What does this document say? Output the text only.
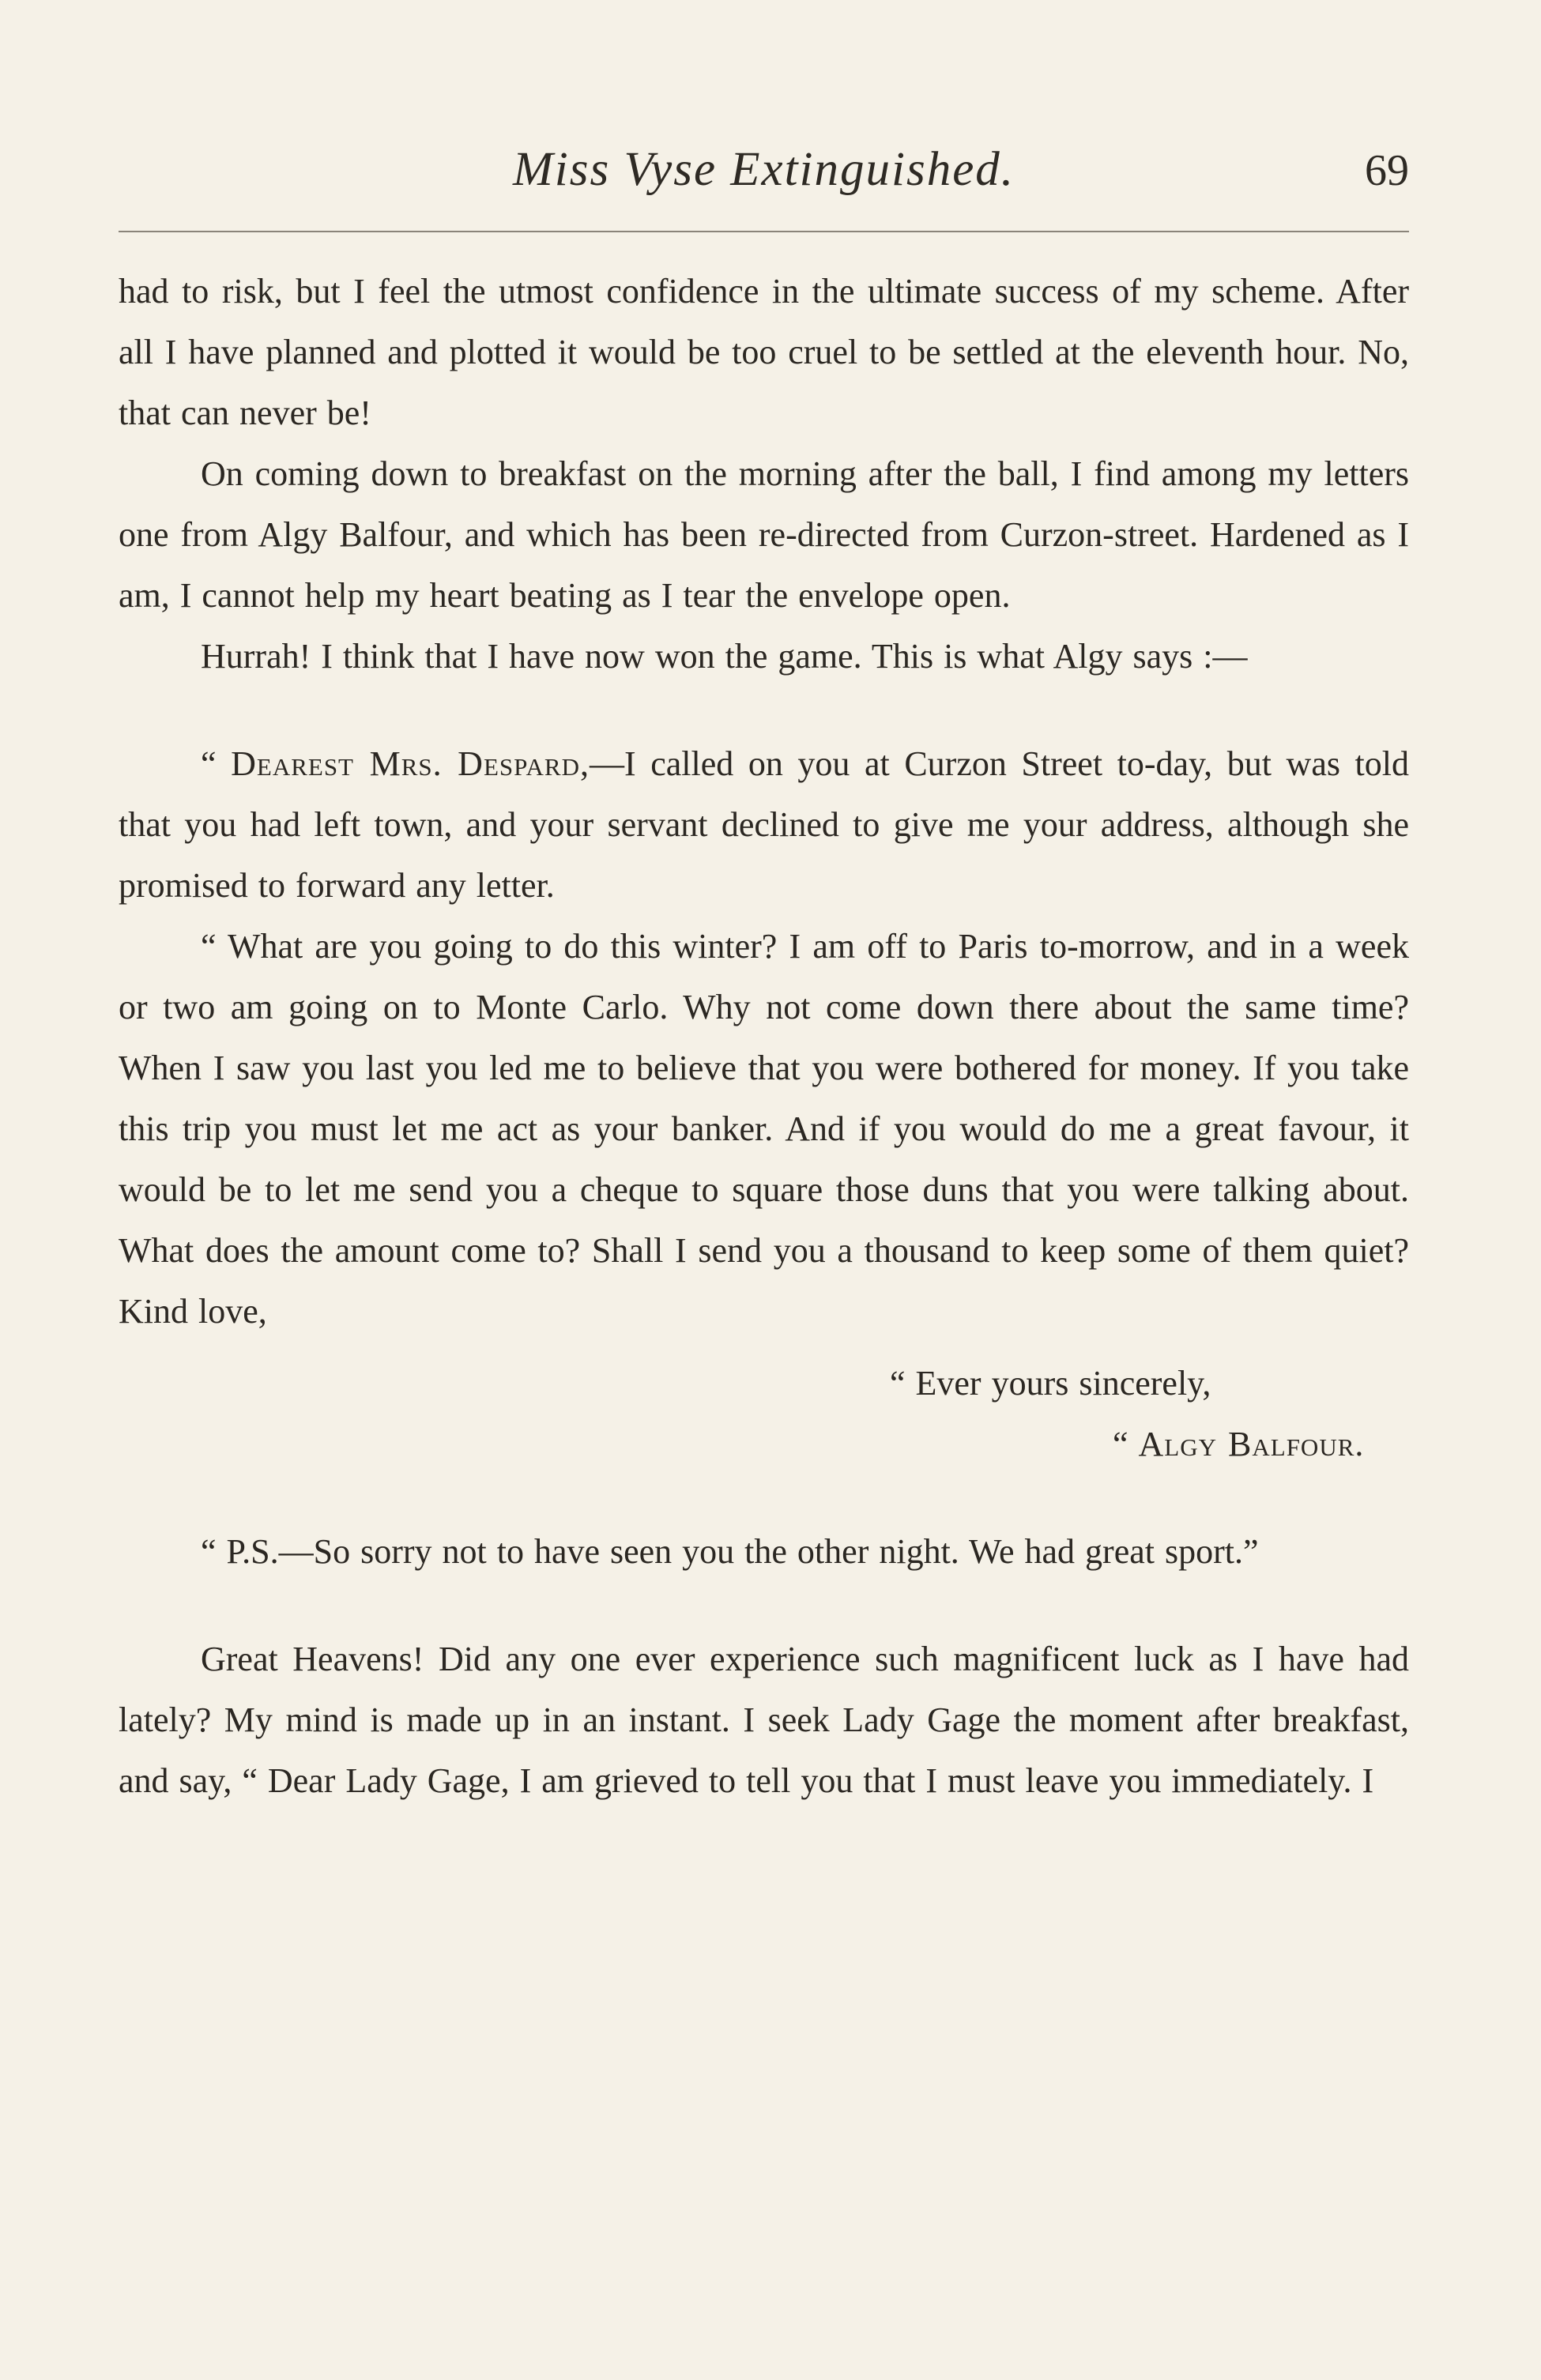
Miss Vyse Extinguished.	69

had to risk, but I feel the utmost confidence in the ultimate success of my scheme. After all I have planned and plotted it would be too cruel to be settled at the eleventh hour. No, that can never be!

On coming down to breakfast on the morning after the ball, I find among my letters one from Algy Balfour, and which has been re-directed from Curzon-street. Hardened as I am, I cannot help my heart beating as I tear the envelope open.

Hurrah! I think that I have now won the game. This is what Algy says :—

“ Dearest Mrs. Despard,—I called on you at Curzon Street to-day, but was told that you had left town, and your servant declined to give me your address, although she promised to forward any letter.

“ What are you going to do this winter? I am off to Paris to-morrow, and in a week or two am going on to Monte Carlo. Why not come down there about the same time? When I saw you last you led me to believe that you were bothered for money. If you take this trip you must let me act as your banker. And if you would do me a great favour, it would be to let me send you a cheque to square those duns that you were talking about. What does the amount come to? Shall I send you a thousand to keep some of them quiet? Kind love,

“ Ever yours sincerely,

“ Algy Balfour.

“ P.S.—So sorry not to have seen you the other night. We had great sport.”

Great Heavens! Did any one ever experience such magnificent luck as I have had lately? My mind is made up in an instant. I seek Lady Gage the moment after breakfast, and say, “ Dear Lady Gage, I am grieved to tell you that I must leave you immediately. I
